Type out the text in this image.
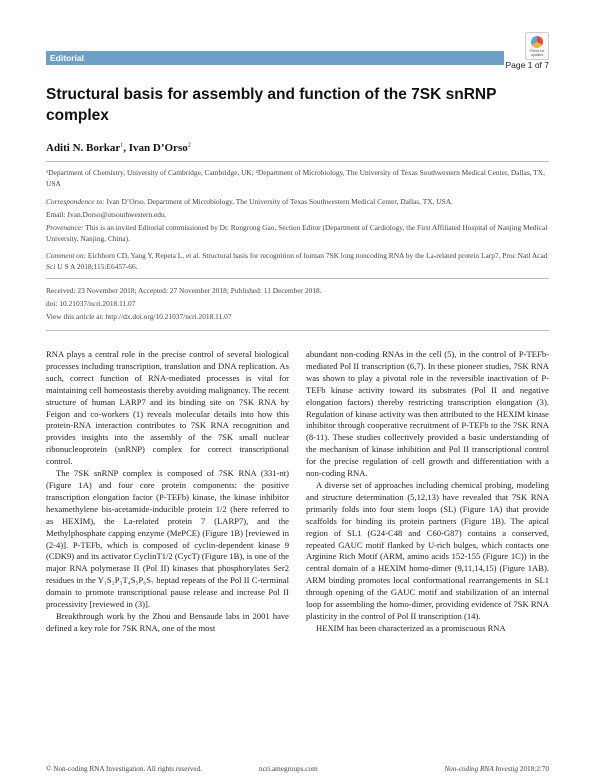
Check for updates
Editorial
Page 1 of 7
Structural basis for assembly and function of the 7SK snRNP complex
Aditi N. Borkar$^1$, Ivan D’Orso$^2$
¹Department of Chemistry, University of Cambridge, Cambridge, UK; ²Department of Microbiology, The University of Texas Southwestern Medical Center, Dallas, TX, USA
Correspondence to: Ivan D’Orso. Department of Microbiology, The University of Texas Southwestern Medical Center, Dallas, TX, USA.
Email: Ivan.Dorso@utsouthwestern.edu.
Provenance: This is an invited Editorial commissioned by Dr. Rongrong Gao, Section Editor (Department of Cardiology, the First Affiliated Hospital of Nanjing Medical University, Nanjing, China).
Comment on: Eichhorn CD, Yang Y, Repeta L, et al. Structural basis for recognition of human 7SK long noncoding RNA by the La-related protein Larp7. Proc Natl Acad Sci U S A 2018;115:E6457-66.
Received: 23 November 2018; Accepted: 27 November 2018; Published: 11 December 2018.
doi: 10.21037/ncri.2018.11.07
View this article at: http://dx.doi.org/10.21037/ncri.2018.11.07

RNA plays a central role in the precise control of several biological processes including transcription, translation and DNA replication. As such, correct function of RNA-mediated processes is vital for maintaining cell homeostasis thereby avoiding malignancy. The recent structure of human LARP7 and its binding site on 7SK RNA by Feigon and co-workers (1) reveals molecular details into how this protein-RNA interaction contributes to 7SK RNA recognition and provides insights into the assembly of the 7SK small nuclear ribonucleoprotein (snRNP) complex for correct transcriptional control.

The 7SK snRNP complex is composed of 7SK RNA (331-nt) (Figure 1A) and four core protein components: the positive transcription elongation factor (P-TEFb) kinase, the kinase inhibitor hexamethylene bis-acetamide-inducible protein 1/2 (here referred to as HEXIM), the La-related protein 7 (LARP7), and the Methylphosphate capping enzyme (MePCE) (Figure 1B) [reviewed in (2-4)]. P-TEFb, which is composed of cyclin-dependent kinase 9 (CDK9) and its activator CyclinT1/2 (CycT) (Figure 1B), is one of the major RNA polymerase II (Pol II) kinases that phosphorylates Ser2 residues in the Y₁S₂P₃T₄S₅P₆S₇ heptad repeats of the Pol II C-terminal domain to promote transcriptional pause release and increase Pol II processivity [reviewed in (3)].

Breakthrough work by the Zhou and Bensaude labs in 2001 have defined a key role for 7SK RNA, one of the most

abundant non-coding RNAs in the cell (5), in the control of P-TEFb-mediated Pol II transcription (6,7). In these pioneer studies, 7SK RNA was shown to play a pivotal role in the reversible inactivation of P-TEFb kinase activity toward its substrates (Pol II and negative elongation factors) thereby restricting transcription elongation (3). Regulation of kinase activity was then attributed to the HEXIM kinase inhibitor through cooperative recruitment of P-TEFb to the 7SK RNA (8-11). These studies collectively provided a basic understanding of the mechanism of kinase inhibition and Pol II transcriptional control for the precise regulation of cell growth and differentiation with a non-coding RNA.

A diverse set of approaches including chemical probing, modeling and structure determination (5,12,13) have revealed that 7SK RNA primarily folds into four stem loops (SL) (Figure 1A) that provide scaffolds for binding its protein partners (Figure 1B). The apical region of SL1 (G24-C48 and C60-G87) contains a conserved, repeated GAUC motif flanked by U-rich bulges, which contacts one Arginine Rich Motif (ARM, amino acids 152-155 (Figure 1C)) in the central domain of a HEXIM homo-dimer (9,11,14,15) (Figure 1AB). ARM binding promotes local conformational rearrangements in SL1 through opening of the GAUC motif and stabilization of an internal loop for assembling the homo-dimer, providing evidence of 7SK RNA plasticity in the control of Pol II transcription (14).

HEXIM has been characterized as a promiscuous RNA

© Non-coding RNA Investigation. All rights reserved.	ncri.amegroups.com	Non-coding RNA Investig 2018;2:70
